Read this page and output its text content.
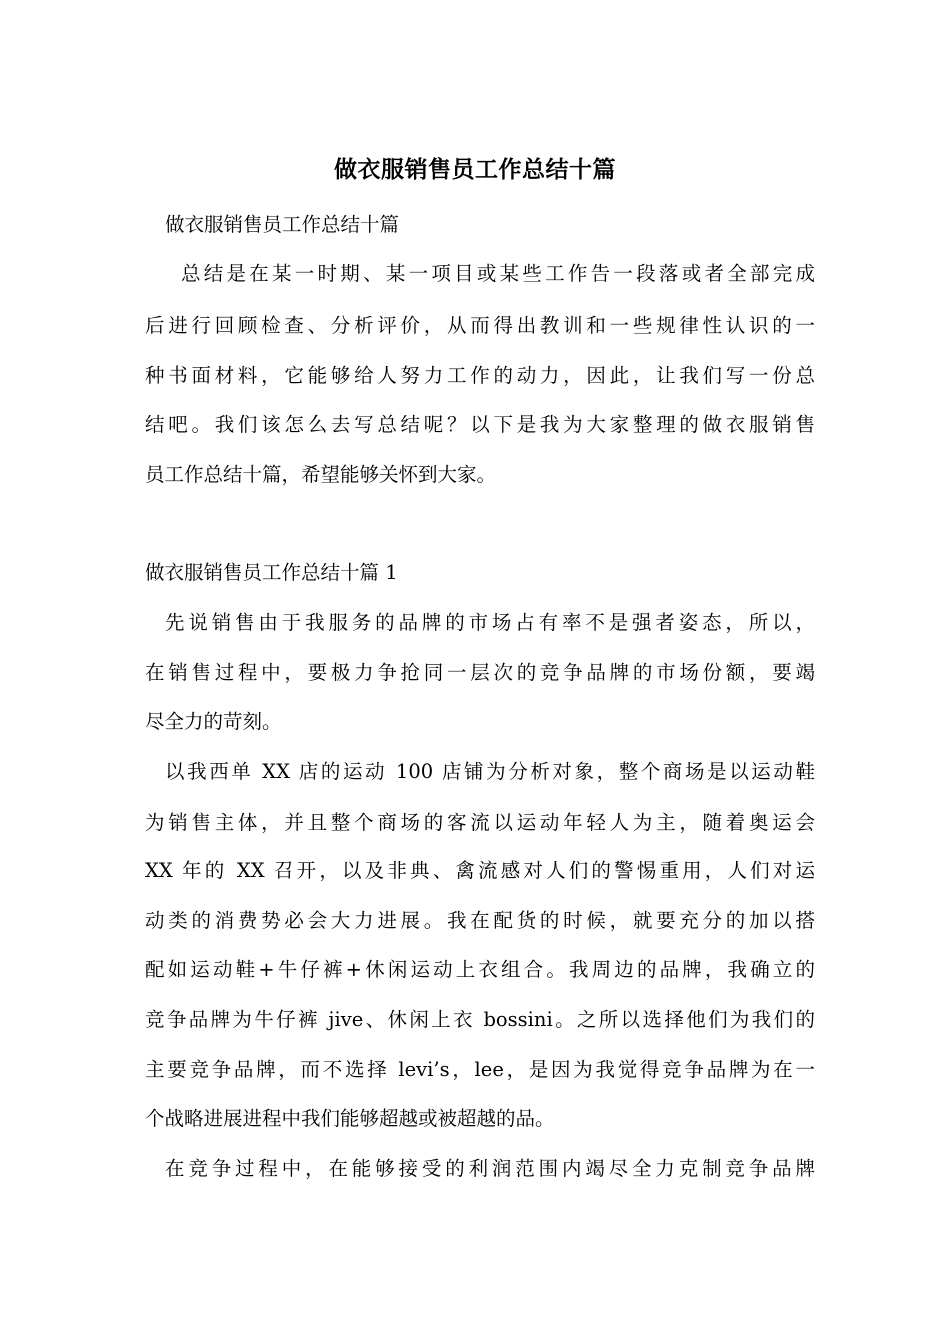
做衣服销售员工作总结十篇
做衣服销售员工作总结十篇
总结是在某一时期、某一项目或某些工作告一段落或者全部完成
后进行回顾检查、分析评价，从而得出教训和一些规律性认识的一
种书面材料，它能够给人努力工作的动力，因此，让我们写一份总
结吧。我们该怎么去写总结呢？以下是我为大家整理的做衣服销售
员工作总结十篇，希望能够关怀到大家。
做衣服销售员工作总结十篇 1
先说销售由于我服务的品牌的市场占有率不是强者姿态，所以，
在销售过程中，要极力争抢同一层次的竞争品牌的市场份额，要竭
尽全力的苛刻。
以我西单 XX 店的运动 100 店铺为分析对象，整个商场是以运动鞋
为销售主体，并且整个商场的客流以运动年轻人为主，随着奥运会
XX 年的 XX 召开，以及非典、禽流感对人们的警惕重用，人们对运
动类的消费势必会大力进展。我在配货的时候，就要充分的加以搭
配如运动鞋+牛仔裤+休闲运动上衣组合。我周边的品牌，我确立的
竞争品牌为牛仔裤 jive、休闲上衣 bossini。之所以选择他们为我们的
主要竞争品牌，而不选择 levi’s，lee，是因为我觉得竞争品牌为在一
个战略进展进程中我们能够超越或被超越的品。
在竞争过程中，在能够接受的利润范围内竭尽全力克制竞争品牌
